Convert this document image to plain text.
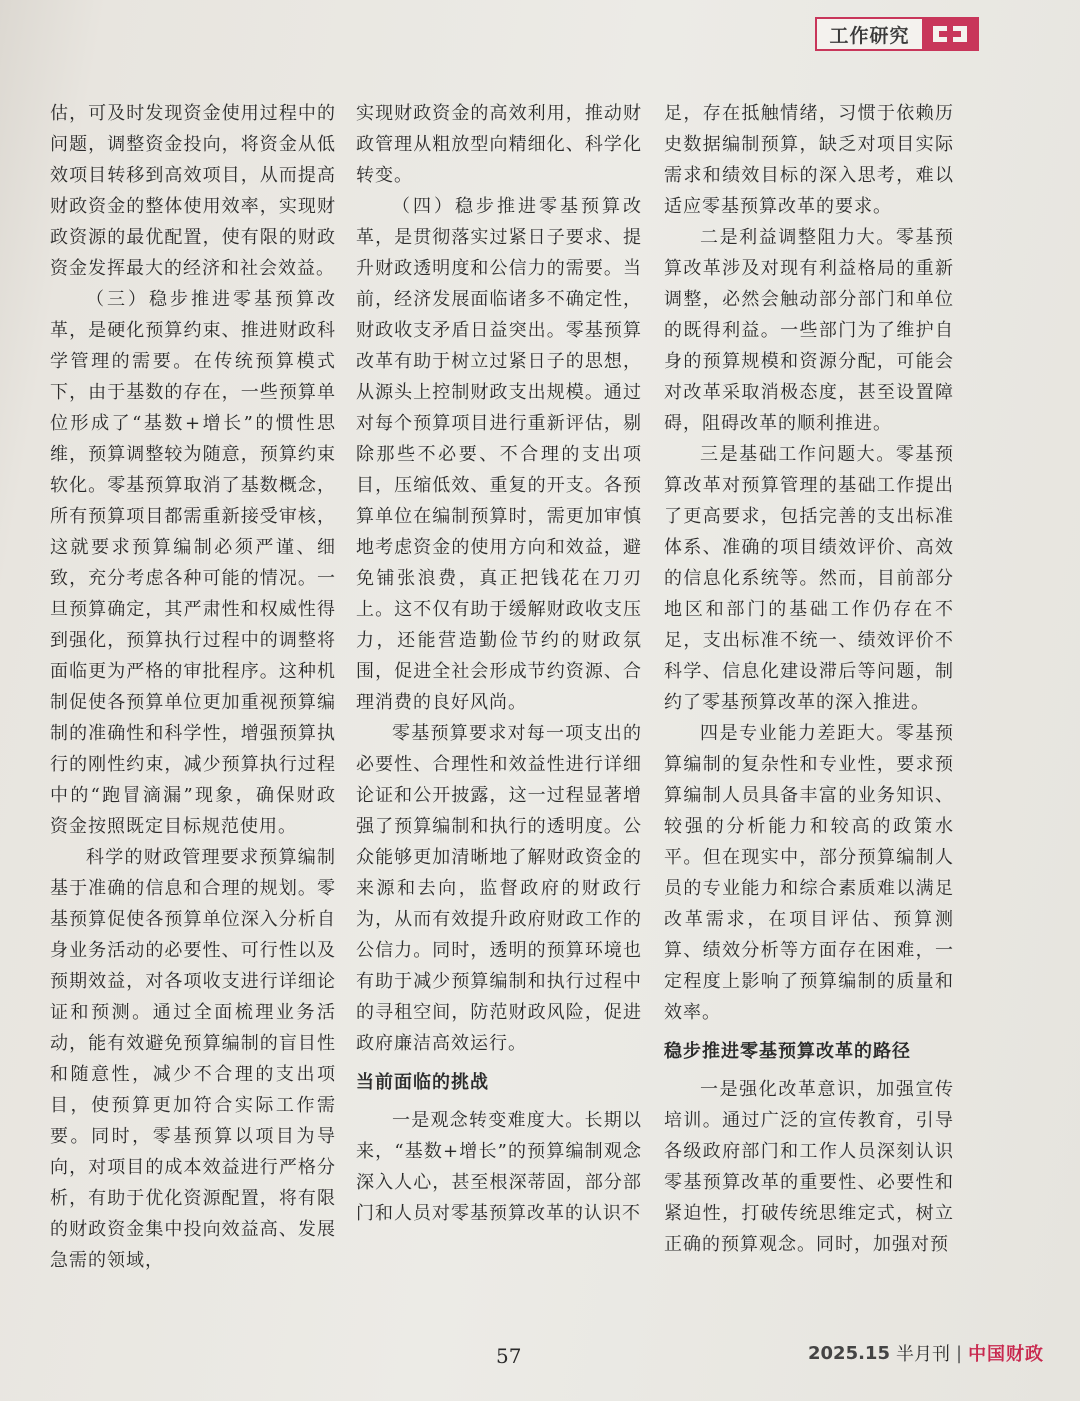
工作研究

估，可及时发现资金使用过程中的问题，调整资金投向，将资金从低效项目转移到高效项目，从而提高财政资金的整体使用效率，实现财政资源的最优配置，使有限的财政资金发挥最大的经济和社会效益。

（三）稳步推进零基预算改革，是硬化预算约束、推进财政科学管理的需要。在传统预算模式下，由于基数的存在，一些预算单位形成了“基数+增长”的惯性思维，预算调整较为随意，预算约束软化。零基预算取消了基数概念，所有预算项目都需重新接受审核，这就要求预算编制必须严谨、细致，充分考虑各种可能的情况。一旦预算确定，其严肃性和权威性得到强化，预算执行过程中的调整将面临更为严格的审批程序。这种机制促使各预算单位更加重视预算编制的准确性和科学性，增强预算执行的刚性约束，减少预算执行过程中的“跑冒滴漏”现象，确保财政资金按照既定目标规范使用。

科学的财政管理要求预算编制基于准确的信息和合理的规划。零基预算促使各预算单位深入分析自身业务活动的必要性、可行性以及预期效益，对各项收支进行详细论证和预测。通过全面梳理业务活动，能有效避免预算编制的盲目性和随意性，减少不合理的支出项目，使预算更加符合实际工作需要。同时，零基预算以项目为导向，对项目的成本效益进行严格分析，有助于优化资源配置，将有限的财政资金集中投向效益高、发展急需的领域，

实现财政资金的高效利用，推动财政管理从粗放型向精细化、科学化转变。

（四）稳步推进零基预算改革，是贯彻落实过紧日子要求、提升财政透明度和公信力的需要。当前，经济发展面临诸多不确定性，财政收支矛盾日益突出。零基预算改革有助于树立过紧日子的思想，从源头上控制财政支出规模。通过对每个预算项目进行重新评估，剔除那些不必要、不合理的支出项目，压缩低效、重复的开支。各预算单位在编制预算时，需更加审慎地考虑资金的使用方向和效益，避免铺张浪费，真正把钱花在刀刃上。这不仅有助于缓解财政收支压力，还能营造勤俭节约的财政氛围，促进全社会形成节约资源、合理消费的良好风尚。

零基预算要求对每一项支出的必要性、合理性和效益性进行详细论证和公开披露，这一过程显著增强了预算编制和执行的透明度。公众能够更加清晰地了解财政资金的来源和去向，监督政府的财政行为，从而有效提升政府财政工作的公信力。同时，透明的预算环境也有助于减少预算编制和执行过程中的寻租空间，防范财政风险，促进政府廉洁高效运行。

当前面临的挑战

一是观念转变难度大。长期以来，“基数+增长”的预算编制观念深入人心，甚至根深蒂固，部分部门和人员对零基预算改革的认识不

足，存在抵触情绪，习惯于依赖历史数据编制预算，缺乏对项目实际需求和绩效目标的深入思考，难以适应零基预算改革的要求。

二是利益调整阻力大。零基预算改革涉及对现有利益格局的重新调整，必然会触动部分部门和单位的既得利益。一些部门为了维护自身的预算规模和资源分配，可能会对改革采取消极态度，甚至设置障碍，阻碍改革的顺利推进。

三是基础工作问题大。零基预算改革对预算管理的基础工作提出了更高要求，包括完善的支出标准体系、准确的项目绩效评价、高效的信息化系统等。然而，目前部分地区和部门的基础工作仍存在不足，支出标准不统一、绩效评价不科学、信息化建设滞后等问题，制约了零基预算改革的深入推进。

四是专业能力差距大。零基预算编制的复杂性和专业性，要求预算编制人员具备丰富的业务知识、较强的分析能力和较高的政策水平。但在现实中，部分预算编制人员的专业能力和综合素质难以满足改革需求，在项目评估、预算测算、绩效分析等方面存在困难，一定程度上影响了预算编制的质量和效率。

稳步推进零基预算改革的路径

一是强化改革意识，加强宣传培训。通过广泛的宣传教育，引导各级政府部门和工作人员深刻认识零基预算改革的重要性、必要性和紧迫性，打破传统思维定式，树立正确的预算观念。同时，加强对预

57	2025.15 半月刊 | 中国财政
